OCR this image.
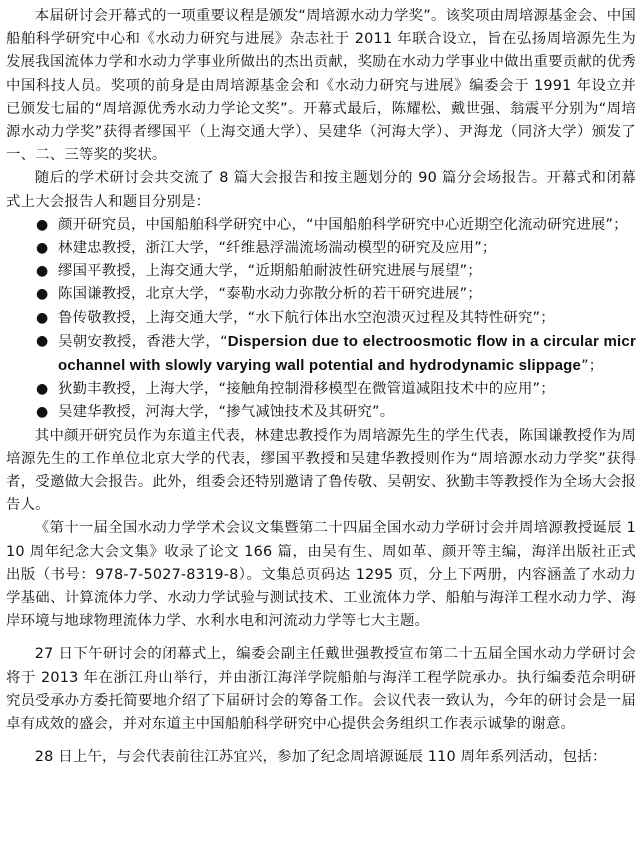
本届研讨会开幕式的一项重要议程是颁发“周培源水动力学奖”。该奖项由周培源基金会、中国船舶科学研究中心和《水动力研究与进展》杂志社于 2011 年联合设立，旨在弘扬周培源先生为发展我国流体力学和水动力学事业所做出的杰出贡献，奖励在水动力学事业中做出重要贡献的优秀中国科技人员。奖项的前身是由周培源基金会和《水动力研究与进展》编委会于 1991 年设立并已颁发七届的“周培源优秀水动力学论文奖”。开幕式最后，陈耀松、戴世强、翁震平分别为“周培源水动力学奖”获得者缪国平（上海交通大学）、吴建华（河海大学）、尹海龙（同济大学）颁发了一、二、三等奖的奖状。

随后的学术研讨会共交流了 8 篇大会报告和按主题划分的 90 篇分会场报告。开幕式和闭幕式上大会报告人和题目分别是：

● 颜开研究员，中国船舶科学研究中心，“中国船舶科学研究中心近期空化流动研究进展”；
● 林建忠教授，浙江大学，“纤维悬浮湍流场湍动模型的研究及应用”；
● 缪国平教授，上海交通大学，“近期船舶耐波性研究进展与展望”；
● 陈国谦教授，北京大学，“泰勒水动力弥散分析的若干研究进展”；
● 鲁传敬教授，上海交通大学，“水下航行体出水空泡溃灭过程及其特性研究”；
● 吴朝安教授，香港大学，“Dispersion due to electroosmotic flow in a circular microchannel with slowly varying wall potential and hydrodynamic slippage”；
● 狄勤丰教授，上海大学，“接触角控制滑移模型在微管道减阻技术中的应用”；
● 吴建华教授，河海大学，“掺气减蚀技术及其研究”。

其中颜开研究员作为东道主代表，林建忠教授作为周培源先生的学生代表，陈国谦教授作为周培源先生的工作单位北京大学的代表，缪国平教授和吴建华教授则作为“周培源水动力学奖”获得者，受邀做大会报告。此外，组委会还特别邀请了鲁传敬、吴朝安、狄勤丰等教授作为全场大会报告人。

《第十一届全国水动力学学术会议文集暨第二十四届全国水动力学研讨会并周培源教授诞辰 110 周年纪念大会文集》收录了论文 166 篇，由吴有生、周如革、颜开等主编，海洋出版社正式出版（书号：978-7-5027-8319-8）。文集总页码达 1295 页，分上下两册，内容涵盖了水动力学基础、计算流体力学、水动力学试验与测试技术、工业流体力学、船舶与海洋工程水动力学、海岸环境与地球物理流体力学、水利水电和河流动力学等七大主题。

27 日下午研讨会的闭幕式上，编委会副主任戴世强教授宣布第二十五届全国水动力学研讨会将于 2013 年在浙江舟山举行，并由浙江海洋学院船舶与海洋工程学院承办。执行编委范佘明研究员受承办方委托简要地介绍了下届研讨会的筹备工作。会议代表一致认为，今年的研讨会是一届卓有成效的盛会，并对东道主中国船舶科学研究中心提供会务组织工作表示诚挚的谢意。

28 日上午，与会代表前往江苏宜兴，参加了纪念周培源诞辰 110 周年系列活动，包括：
